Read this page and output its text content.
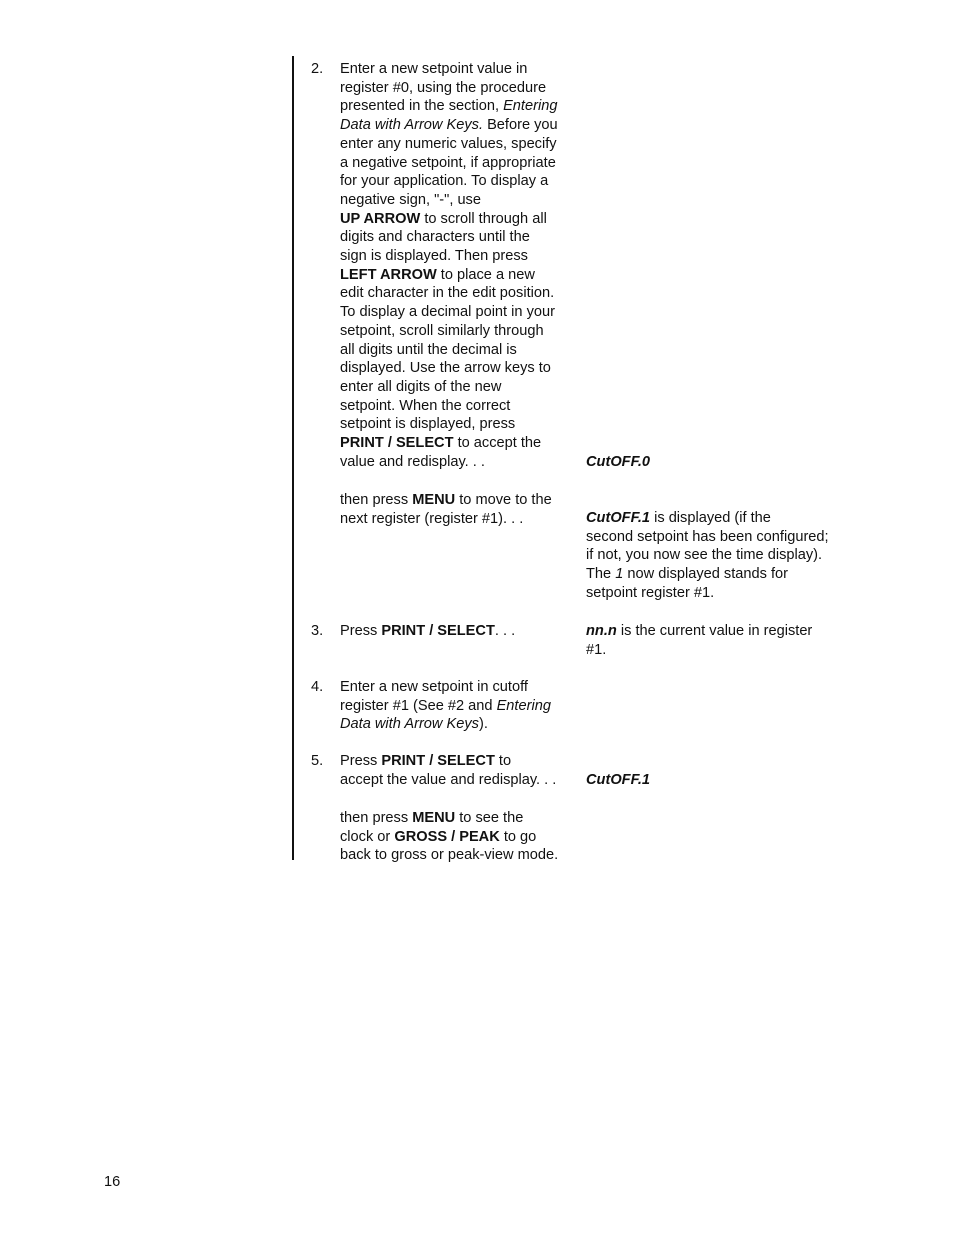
2. Enter a new setpoint value in
register #0, using the procedure
presented in the section, Entering
Data with Arrow Keys. Before you
enter any numeric values, specify
a negative setpoint, if appropriate
for your application. To display a
negative sign, "-", use
UP ARROW to scroll through all
digits and characters until the
sign is displayed. Then press
LEFT ARROW to place a new
edit character in the edit position.
To display a decimal point in your
setpoint, scroll similarly through
all digits until the decimal is
displayed. Use the arrow keys to
enter all digits of the new
setpoint. When the correct
setpoint is displayed, press
PRINT / SELECT to accept the
value and redisplay. . .	CutOFF.0
then press MENU to move to the
next register (register #1). . .	CutOFF.1 is displayed (if the
second setpoint has been configured;
if not, you now see the time display).
The 1 now displayed stands for
setpoint register #1.
3. Press PRINT / SELECT. . .	nn.n is the current value in register
#1.
4. Enter a new setpoint in cutoff
register #1 (See #2 and Entering
Data with Arrow Keys).
5. Press PRINT / SELECT to
accept the value and redisplay. . .	CutOFF.1
then press MENU to see the
clock or GROSS / PEAK to go
back to gross or peak-view mode.
16
